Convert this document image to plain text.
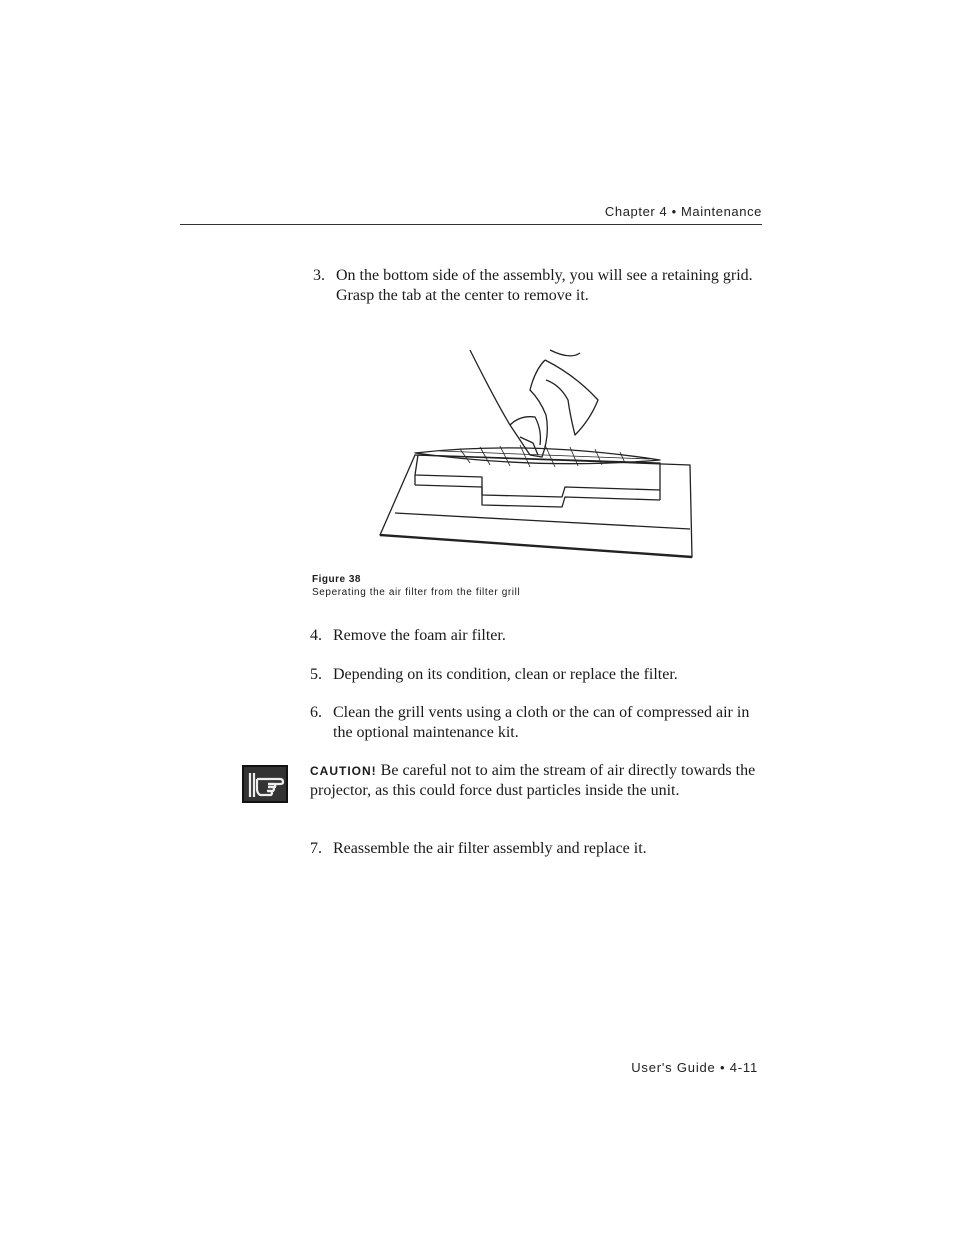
Chapter 4 • Maintenance
3. On the bottom side of the assembly, you will see a retaining grid. Grasp the tab at the center to remove it.
Figure 38
Seperating the air filter from the filter grill
4. Remove the foam air filter.
5. Depending on its condition, clean or replace the filter.
6. Clean the grill vents using a cloth or the can of compressed air in the optional maintenance kit.
CAUTION! Be careful not to aim the stream of air directly towards the projector, as this could force dust particles inside the unit.
7. Reassemble the air filter assembly and replace it.
User's Guide • 4-11
